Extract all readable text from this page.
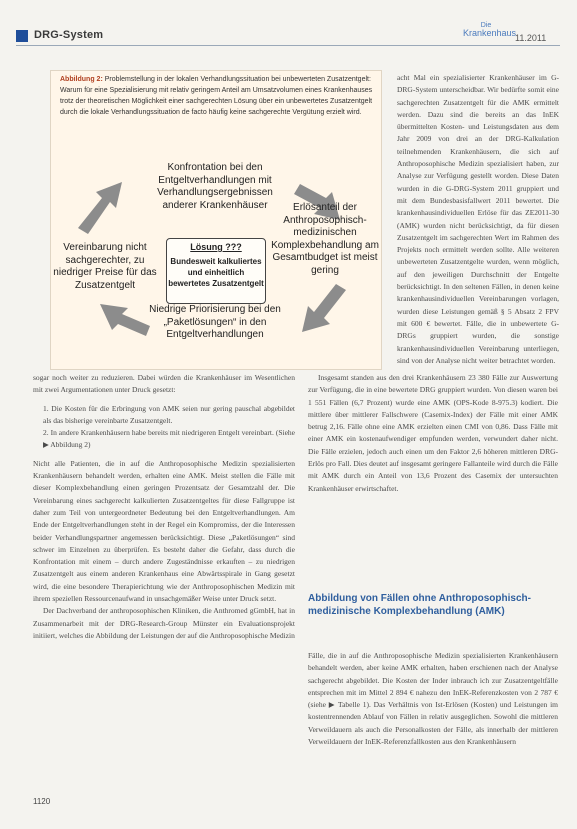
DRG-System
Die
Krankenhaus
11.2011

acht Mal ein spezialisierter Krankenhäuser im G-DRG-System unterscheidbar. Wir bedürfte somit eine sachgerechten Zusatzentgelt für die AMK ermittelt werden. Dazu sind die bereits an das InEK übermittelten Kosten- und Leistungsdaten aus dem Jahr 2009 von drei an der DRG-Kalkulation teilnehmenden Krankenhäusern, die sich auf Anthroposophische Medizin spezialisiert haben, zur Analyse zur Verfügung gestellt worden. Diese Daten wurden in die G-DRG-System 2011 gruppiert und mit dem Bundesbasisfallwert 2011 bewertet. Die krankenhausindividuellen Erlöse für das ZE2011-30 (AMK) wurden nicht berücksichtigt, da für diesen Zusatzentgelt im sachgerechten Wert im Rahmen des Projekts noch ermittelt werden sollte. Alle weiteren unbewerteten Zusatzentgelte wurden, wenn möglich, auf den jeweiligen Durchschnitt der Entgelte berücksichtigt. In den seltenen Fällen, in denen keine krankenhausindividuellen Vereinbarungen vorlagen, wurden diese Leistungen gemäß § 5 Absatz 2 FPV mit 600 € bewertet. Fälle, die in unbewertete G-DRGs gruppiert wurden, die sonstige krankenhausindividuellen Vereinbarung unterliegen, sind von der Analyse nicht weiter betrachtet worden.

Abbildung 2: Problemstellung in der lokalen Verhandlungssituation bei unbewerteten Zusatzentgelt: Warum für eine Spezialisierung mit relativ geringem Anteil am Umsatzvolumen eines Krankenhauses trotz der theoretischen Möglichkeit einer sachgerechten Lösung über ein unbewertetes Zusatzentgelt durch die lokale Verhandlungssituation de facto häufig keine sachgerechte Vergütung erzielt wird.
Konfrontation bei den Entgeltverhandlungen mit Verhandlungsergebnissen anderer Krankenhäuser	Erlösanteil der Anthroposophisch-medizinischen Komplexbehandlung am Gesamtbudget ist meist gering
Niedrige Priorisierung bei den „Paketlösungen“ in den Entgeltverhandlungen
Vereinbarung nicht sachgerechter, zu niedriger Preise für das Zusatzentgelt
Lösung ???
Bundesweit kalkuliertes und einheitlich bewertetes Zusatzentgelt

sogar noch weiter zu reduzieren. Dabei würden die Krankenhäuser im Wesentlichen mit zwei Argumentationen unter Druck gesetzt:

1. Die Kosten für die Erbringung von AMK seien nur gering pauschal abgebildet als das bisherige vereinbarte Zusatzentgelt.

2. In andere Krankenhäusern habe bereits mit niedrigeren Entgelt vereinbart. (Siehe ▶ Abbildung 2)

Nicht alle Patienten, die in auf die Anthroposophische Medizin spezialisierten Krankenhäusern behandelt werden, erhalten eine AMK. Meist stellen die Fälle mit dieser Komplexbehandlung einen geringen Prozentsatz der Gesamtzahl der. Die Vereinbarung eines sachgerecht kalkulierten Zusatzentgeltes für diese Fallgruppe ist daher zum Teil von untergeordneter Bedeutung bei den Entgeltverhandlungen. Am Ende der Entgeltverhandlungen steht in der Regel ein Kompromiss, der die Interessen beider Verhandlungspartner angemessen berücksichtigt. Diese „Paketlösungen“ sind schwer im Einzelnen zu überprüfen. Es besteht daher die Gefahr, dass durch die Konfrontation mit einem – durch andere Zugeständnisse erkauften – zu niedrigen Zusatzentgelt aus einem anderen Krankenhaus eine Abwärtsspirale in Gang gesetzt wird, die eine besondere Therapierichtung wie der Anthroposophischen Medizin mit ihrem speziellen Ressourcenaufwand in unsachgemäßer Weise unter Druck setzt.

Der Dachverband der anthroposophischen Kliniken, die Anthromed gGmbH, hat in Zusammenarbeit mit der DRG-Research-Group Münster ein Evaluationsprojekt initiiert, welches die Abbildung der Leistungen der auf die Anthroposophische Medizin

Insgesamt standen aus den drei Krankenhäusern 23 380 Fälle zur Auswertung zur Verfügung, die in eine bewertete DRG gruppiert wurden. Von diesen waren bei 1 551 Fällen (6,7 Prozent) wurde eine AMK (OPS-Kode 8-975.3) kodiert. Die mittlere über mittlerer Fallschwere (Casemix-Index) der Fälle mit einer AMK betrug 2,16. Fälle ohne eine AMK erzielten einen CMI von 0,86. Dass Fälle mit einer AMK ein kostenaufwendiger empfunden werden, verwundert daher nicht. Die Fälle erzielen, jedoch auch einen um den Faktor 2,6 höheren mittleren DRG-Erlös pro Fall. Dies deutet auf insgesamt geringere Fallanteile wird durch die Fälle mit AMK durch ein Anteil von 13,6 Prozent des Casemix der untersuchten Krankenhäuser erwirtschaftet.

Abbildung von Fällen ohne Anthroposophisch-medizinische Komplexbehandlung (AMK)

Fälle, die in auf die Anthroposophische Medizin spezialisierten Krankenhäusern behandelt werden, aber keine AMK erhalten, haben erschienen nach der Analyse sachgerecht abgebildet. Die Kosten der Inder inbrauch ich zur Zusatzentgeltfälle entsprechen mit im Mittel 2 894 € nahezu den InEK-Referenzkosten von 2 787 € (siehe ▶ Tabelle 1). Das Verhältnis von Ist-Erlösen (Kosten) und Leistungen im kostentrennenden Ablauf von Fällen in relativ ausgeglichen. Sowohl die mittleren Verweildauern als auch die Personalkosten der Fälle, als innerhalb der mittleren Verweildauern der InEK-Referenzfallkosten aus den Krankenhäusern

1120
